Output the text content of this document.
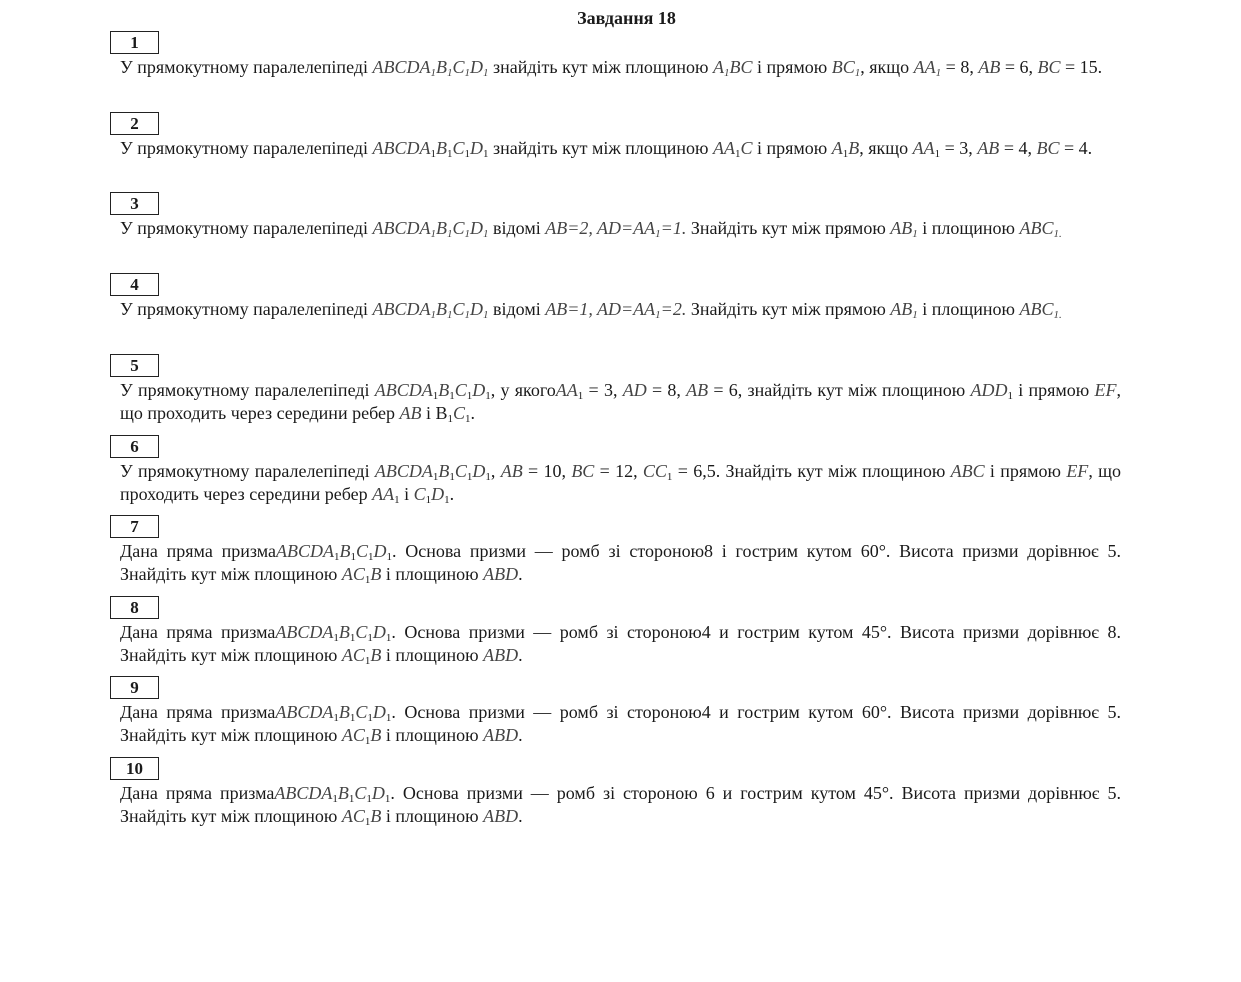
Завдання 18
1
У прямокутному паралелепіпеді $ABCDA_1B_1C_1D_1$ знайдіть кут між площиною $A_1BC$ і прямою $BC_1$, якщо $AA_1 = 8$, AB = 6, BC = 15.
2
У прямокутному паралелепіпеді $ABCDA_1B_1C_1D_1$ знайдіть кут між площиною $AA_1C$ і прямою $A_1B$, якщо $AA_1 = 3$, AB = 4, BC = 4.
3
У прямокутному паралелепіпеді $ABCDA_1B_1C_1D_1$ відомі AB=2, $AD=AA_1=1$. Знайдіть кут між прямою $AB_1$ і площиною $ABC_{1.}$
4
У прямокутному паралелепіпеді $ABCDA_1B_1C_1D_1$ відомі AB=1, $AD=AA_1=2$. Знайдіть кут між прямою $AB_1$ і площиною $ABC_{1.}$
5
У прямокутному паралелепіпеді $ABCDA_1B_1C_1D_1$, у якогоAA$_1$ = 3, AD = 8, AB = 6, знайдіть кут між площиною $ADD_1$ і прямою EF, що проходить через середини ребер AB і $B_1C_1$.
6
У прямокутному паралелепіпеді $ABCDA_1B_1C_1D_1$, AB = 10, BC = 12, $CC_1 = 6,5$. Знайдіть кут між площиною ABC і прямою EF, що проходить через середини ребер $AA_1$ і $C_1D_1$.
7
Дана пряма $призмаABCDA_1B_1C_1D_1$. Основа призми — ромб зі стороною8 і гострим кутом 60°. Висота призми дорівнює 5. Знайдіть кут між площиною $AC_1B$ і площиною ABD.
8
Дана пряма $призмаABCDA_1B_1C_1D_1$. Основа призми — ромб зі стороною4 и гострим кутом 45°. Висота призми дорівнює 8. Знайдіть кут між площиною $AC_1B$ і площиною ABD.
9
Дана пряма $призмаABCDA_1B_1C_1D_1$. Основа призми — ромб зі стороною4 и гострим кутом 60°. Висота призми дорівнює 5. Знайдіть кут між площиною $AC_1B$ і площиною ABD.
10
Дана пряма $призмаABCDA_1B_1C_1D_1$. Основа призми — ромб зі стороною 6 и гострим кутом 45°. Висота призми дорівнює 5. Знайдіть кут між площиною $AC_1B$ і площиною ABD.
